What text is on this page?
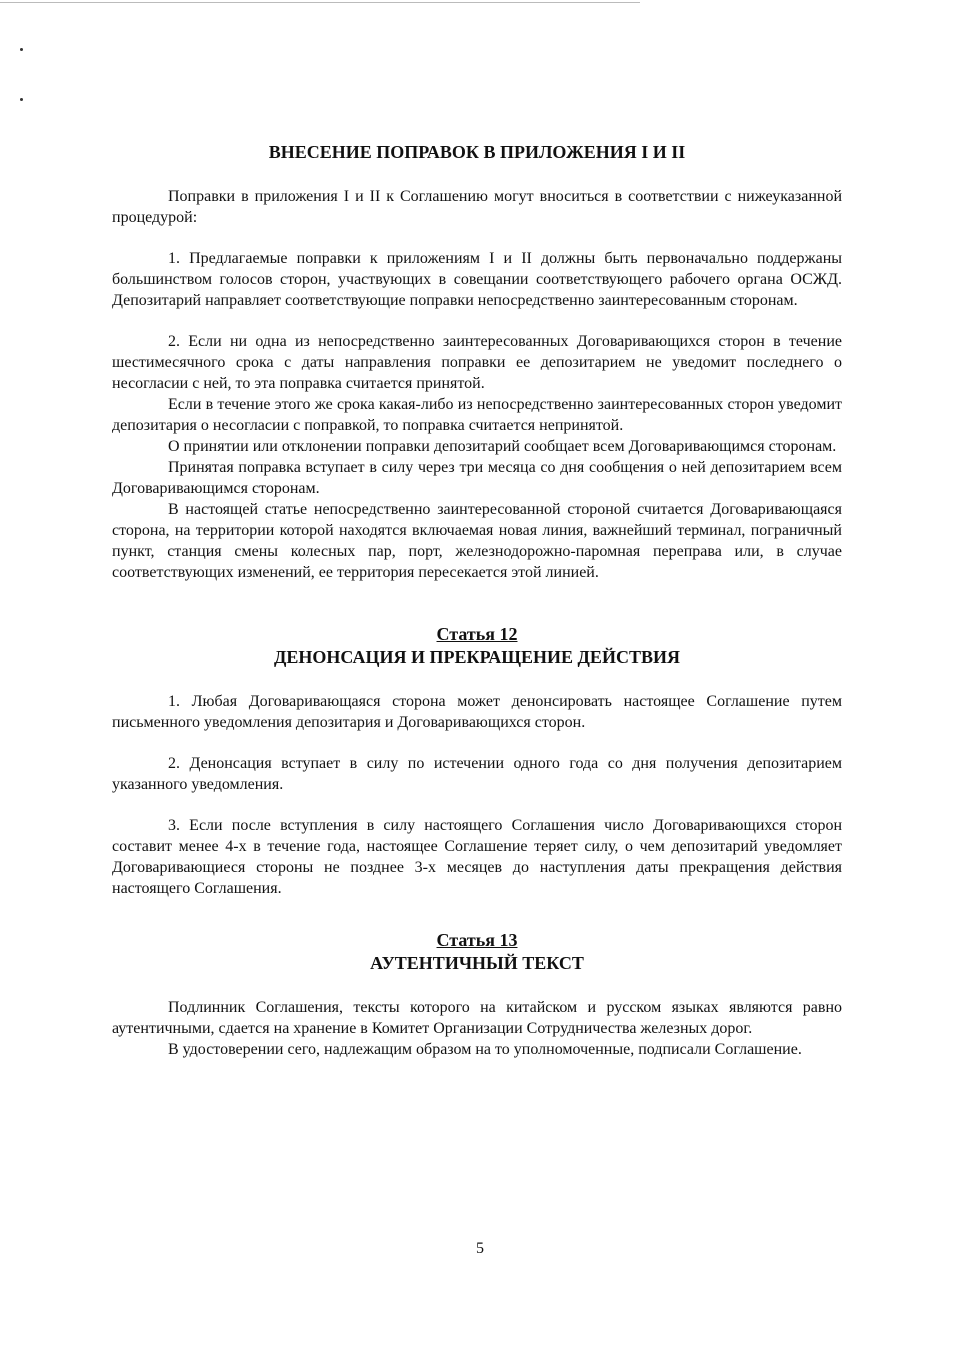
ВНЕСЕНИЕ ПОПРАВОК В ПРИЛОЖЕНИЯ I И II

Поправки в приложения I и II к Соглашению могут вноситься в соответствии с нижеуказанной процедурой:

1. Предлагаемые поправки к приложениям I и II должны быть первоначально поддержаны большинством голосов сторон, участвующих в совещании соответствующего рабочего органа ОСЖД. Депозитарий направляет соответствующие поправки непосредственно заинтересованным сторонам.

2. Если ни одна из непосредственно заинтересованных Договаривающихся сторон в течение шестимесячного срока с даты направления поправки ее депозитарием не уведомит последнего о несогласии с ней, то эта поправка считается принятой.

Если в течение этого же срока какая-либо из непосредственно заинтересованных сторон уведомит депозитария о несогласии с поправкой, то поправка считается непринятой.

О принятии или отклонении поправки депозитарий сообщает всем Договаривающимся сторонам.

Принятая поправка вступает в силу через три месяца со дня сообщения о ней депозитарием всем Договаривающимся сторонам.

В настоящей статье непосредственно заинтересованной стороной считается Договаривающаяся сторона, на территории которой находятся включаемая новая линия, важнейший терминал, пограничный пункт, станция смены колесных пар, порт, железнодорожно-паромная переправа или, в случае соответствующих изменений, ее территория пересекается этой линией.

Статья 12
ДЕНОНСАЦИЯ И ПРЕКРАЩЕНИЕ ДЕЙСТВИЯ

1. Любая Договаривающаяся сторона может денонсировать настоящее Соглашение путем письменного уведомления депозитария и Договаривающихся сторон.

2. Денонсация вступает в силу по истечении одного года со дня получения депозитарием указанного уведомления.

3. Если после вступления в силу настоящего Соглашения число Договаривающихся сторон составит менее 4-х в течение года, настоящее Соглашение теряет силу, о чем депозитарий уведомляет Договаривающиеся стороны не позднее 3-х месяцев до наступления даты прекращения действия настоящего Соглашения.

Статья 13
АУТЕНТИЧНЫЙ ТЕКСТ

Подлинник Соглашения, тексты которого на китайском и русском языках являются равно аутентичными, сдается на хранение в Комитет Организации Сотрудничества железных дорог.

В удостоверении сего, надлежащим образом на то уполномоченные, подписали Соглашение.

5
